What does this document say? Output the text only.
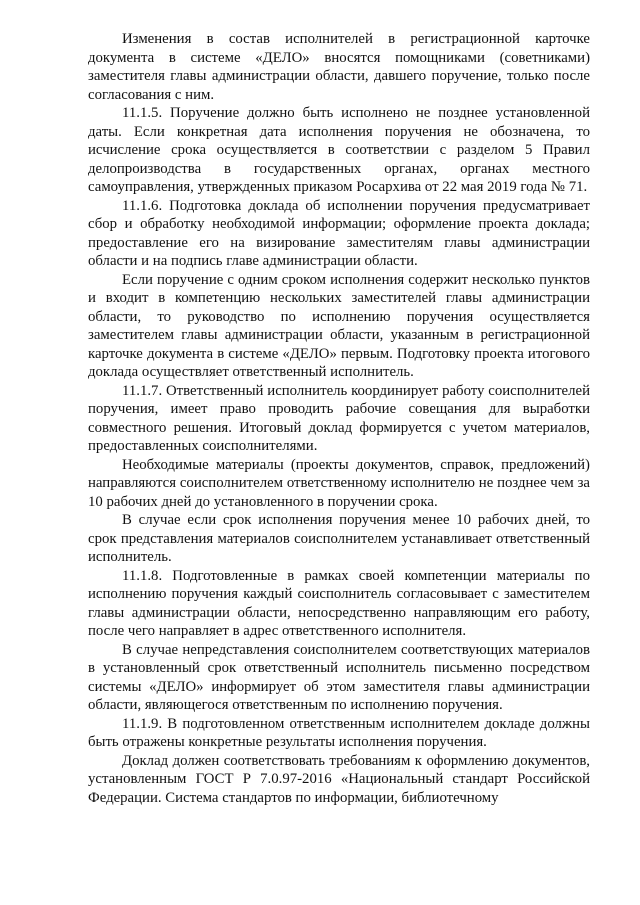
Изменения в состав исполнителей в регистрационной карточке документа в системе «ДЕЛО» вносятся помощниками (советниками) заместителя главы администрации области, давшего поручение, только после согласования с ним.

11.1.5. Поручение должно быть исполнено не позднее установленной даты. Если конкретная дата исполнения поручения не обозначена, то исчисление срока осуществляется в соответствии с разделом 5 Правил делопроизводства в государственных органах, органах местного самоуправления, утвержденных приказом Росархива от 22 мая 2019 года № 71.

11.1.6. Подготовка доклада об исполнении поручения предусматривает сбор и обработку необходимой информации; оформление проекта доклада; предоставление его на визирование заместителям главы администрации области и на подпись главе администрации области.

Если поручение с одним сроком исполнения содержит несколько пунктов и входит в компетенцию нескольких заместителей главы администрации области, то руководство по исполнению поручения осуществляется заместителем главы администрации области, указанным в регистрационной карточке документа в системе «ДЕЛО» первым. Подготовку проекта итогового доклада осуществляет ответственный исполнитель.

11.1.7. Ответственный исполнитель координирует работу соисполнителей поручения, имеет право проводить рабочие совещания для выработки совместного решения. Итоговый доклад формируется с учетом материалов, предоставленных соисполнителями.

Необходимые материалы (проекты документов, справок, предложений) направляются соисполнителем ответственному исполнителю не позднее чем за 10 рабочих дней до установленного в поручении срока.

В случае если срок исполнения поручения менее 10 рабочих дней, то срок представления материалов соисполнителем устанавливает ответственный исполнитель.

11.1.8. Подготовленные в рамках своей компетенции материалы по исполнению поручения каждый соисполнитель согласовывает с заместителем главы администрации области, непосредственно направляющим его работу, после чего направляет в адрес ответственного исполнителя.

В случае непредставления соисполнителем соответствующих материалов в установленный срок ответственный исполнитель письменно посредством системы «ДЕЛО» информирует об этом заместителя главы администрации области, являющегося ответственным по исполнению поручения.

11.1.9. В подготовленном ответственным исполнителем докладе должны быть отражены конкретные результаты исполнения поручения.

Доклад должен соответствовать требованиям к оформлению документов, установленным ГОСТ Р 7.0.97-2016 «Национальный стандарт Российской Федерации. Система стандартов по информации, библиотечному
